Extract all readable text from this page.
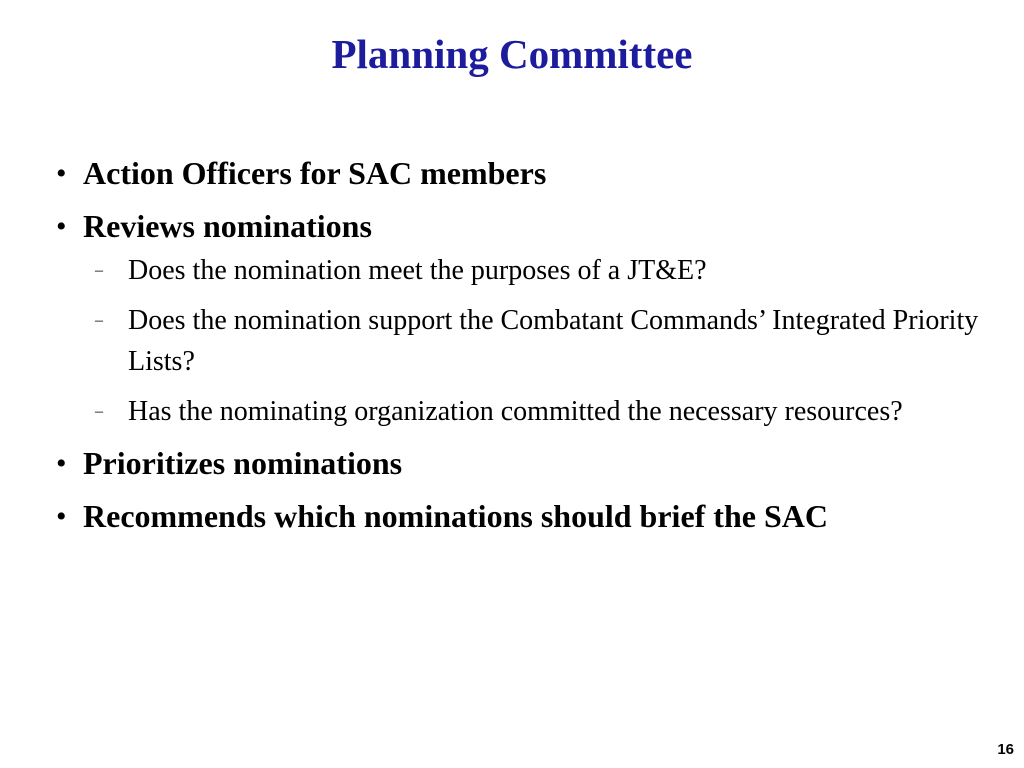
Planning Committee
• Action Officers for SAC members
• Reviews nominations
– Does the nomination meet the purposes of a JT&E?
– Does the nomination support the Combatant Commands’ Integrated Priority Lists?
– Has the nominating organization committed the necessary resources?
• Prioritizes nominations
• Recommends which nominations should brief the SAC
16
